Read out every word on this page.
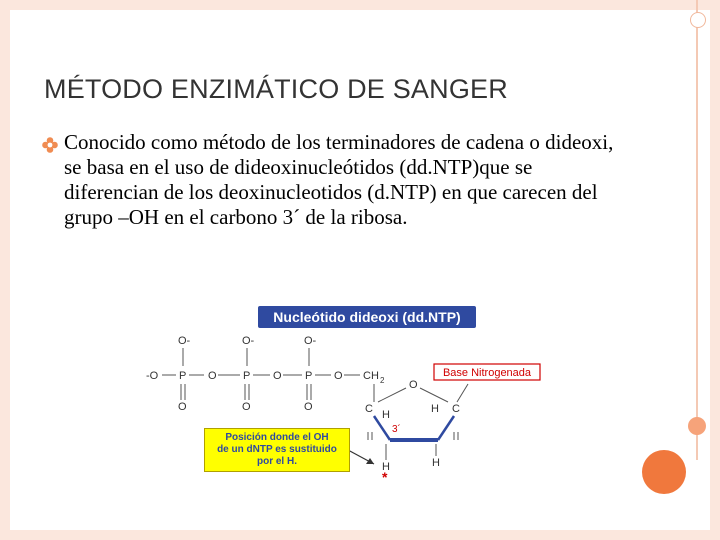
MÉTODO ENZIMÁTICO DE SANGER
Conocido como método de los terminadores de cadena o dideoxi, se basa en el uso de dideoxinucleótidos (dd.NTP)que se diferencian de los deoxinucleotidos (d.NTP) en que carecen del grupo –OH en el carbono 3´ de la ribosa.
O-	O-	O-
-O P O P O P O CH 2
O	O	O
O
C	C
H	H
H
H
Base Nitrogenada
3´
*
Nucleótido dideoxi (dd.NTP)
Posición donde el OH
de un dNTP es sustituido
por el H.
